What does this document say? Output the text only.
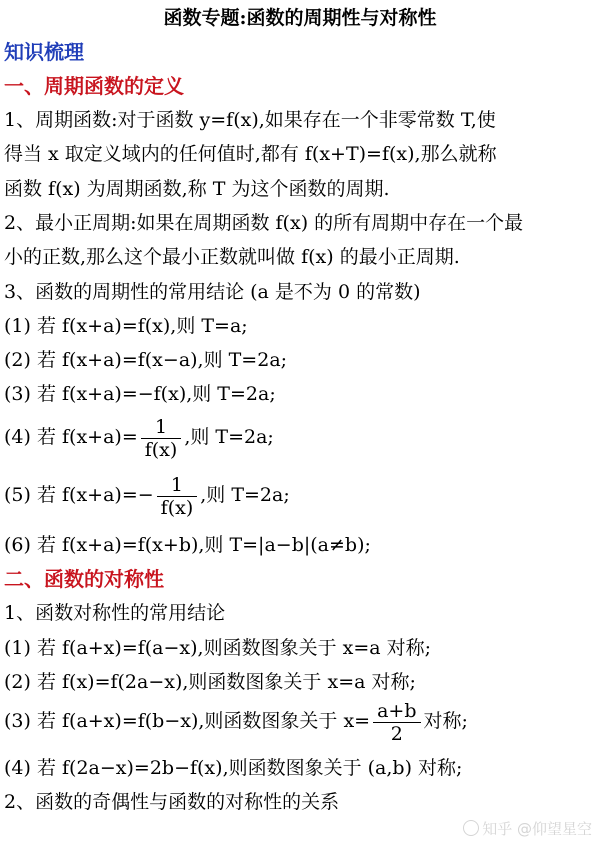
函数专题:函数的周期性与对称性
知识梳理
一、周期函数的定义
1、周期函数:对于函数 y=f(x),如果存在一个非零常数 T,使
得当 x 取定义域内的任何值时,都有 f(x+T)=f(x),那么就称
函数 f(x) 为周期函数,称 T 为这个函数的周期.
2、最小正周期:如果在周期函数 f(x) 的所有周期中存在一个最
小的正数,那么这个最小正数就叫做 f(x) 的最小正周期.
3、函数的周期性的常用结论 (a 是不为 0 的常数)
(1) 若 f(x+a)=f(x),则 T=a;
(2) 若 f(x+a)=f(x−a),则 T=2a;
(3) 若 f(x+a)=−f(x),则 T=2a;
(4) 若 $f(x+a)= \frac{1}{f(x)}$ ,则 T=2a;
(5) 若 $f(x+a)=- \frac{1}{f(x)}$ ,则 T=2a;
(6) 若 f(x+a)=f(x+b),则 T=|a−b|(a≠b);
二、函数的对称性
1、函数对称性的常用结论
(1) 若 f(a+x)=f(a−x),则函数图象关于 x=a 对称;
(2) 若 f(x)=f(2a−x),则函数图象关于 x=a 对称;
(3) 若 f(a+x)=f(b−x),则函数图象关于 $x= \frac{a+b}{2}$ 对称;
(4) 若 f(2a−x)=2b−f(x),则函数图象关于 (a,b) 对称;
2、函数的奇偶性与函数的对称性的关系
知乎 @仰望星空
